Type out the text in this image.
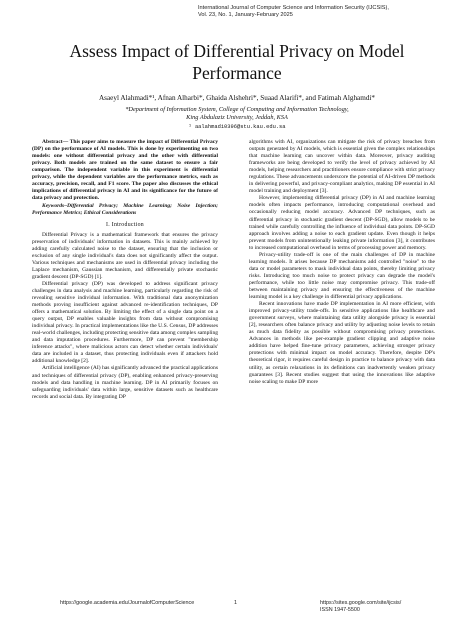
International Journal of Computer Science and Information Security (IJCSIS),
Vol. 23, No. 1, January-February 2025
Assess Impact of Differential Privacy on Model
Performance
Asaeyl Alahmadi*¹, Afnan Alharbi*, Ghaida Alshehri*, Suaad Alarifi*, and Fatimah Alghamdi*
*Department of Information System, College of Computing and Information Technology,
King Abdulaziz University, Jeddah, KSA
¹ aalahmadi0396@stu.kau.edu.sa

Abstract— This paper aims to measure the impact of Differential Privacy (DP) on the performance of AI models. This is done by experimenting on two models: one without differential privacy and the other with differential privacy. Both models are trained on the same dataset to ensure a fair comparison. The independent variable in this experiment is differential privacy, while the dependent variables are the performance metrics, such as accuracy, precision, recall, and F1 score. The paper also discusses the ethical implications of differential privacy in AI and its significance for the future of data privacy and protection.

Keywords–Differential Privacy; Machine Learning; Noise Injection; Performance Metrics; Ethical Considerations

I. Introduction

Differential Privacy is a mathematical framework that ensures the privacy preservation of individuals' information in datasets. This is mainly achieved by adding carefully calculated noise to the dataset, ensuring that the inclusion or exclusion of any single individual's data does not significantly affect the output. Various techniques and mechanisms are used in differential privacy including the Laplace mechanism, Gaussian mechanism, and differentially private stochastic gradient descent (DP-SGD) [1].

Differential privacy (DP) was developed to address significant privacy challenges in data analysis and machine learning, particularly regarding the risk of revealing sensitive individual information. With traditional data anonymization methods proving insufficient against advanced re-identification techniques, DP offers a mathematical solution. By limiting the effect of a single data point on a query output, DP enables valuable insights from data without compromising individual privacy. In practical implementations like the U.S. Census, DP addresses real-world challenges, including protecting sensitive data among complex sampling and data imputation procedures. Furthermore, DP can prevent "membership inference attacks", where malicious actors can detect whether certain individuals' data are included in a dataset, thus protecting individuals even if attackers hold additional knowledge [2].

Artificial intelligence (AI) has significantly advanced the practical applications and techniques of differential privacy (DP), enabling enhanced privacy-preserving models and data handling in machine learning. DP in AI primarily focuses on safeguarding individuals' data within large, sensitive datasets such as healthcare records and social data. By integrating DP

algorithms with AI, organizations can mitigate the risk of privacy breaches from outputs generated by AI models, which is essential given the complex relationships that machine learning can uncover within data. Moreover, privacy auditing frameworks are being developed to verify the level of privacy achieved by AI models, helping researchers and practitioners ensure compliance with strict privacy regulations. These advancements underscore the potential of AI-driven DP methods in delivering powerful, and privacy-compliant analytics, making DP essential in AI model training and deployment [3].

However, implementing differential privacy (DP) in AI and machine learning models often impacts performance, introducing computational overhead and occasionally reducing model accuracy. Advanced DP techniques, such as differential privacy in stochastic gradient descent (DP-SGD), allow models to be trained while carefully controlling the influence of individual data points. DP-SGD approach involves adding a noise to each gradient update. Even though it helps prevent models from unintentionally leaking private information [3], it contributes to increased computational overhead in terms of processing power and memory.

Privacy-utility trade-off is one of the main challenges of DP in machine learning models. It arises because DP mechanisms add controlled "noise" to the data or model parameters to mask individual data points, thereby limiting privacy risks. Introducing too much noise to protect privacy can degrade the model's performance, while too little noise may compromise privacy. This trade-off between maintaining privacy and ensuring the effectiveness of the machine learning model is a key challenge in differential privacy applications.

Recent innovations have made DP implementation in AI more efficient, with improved privacy-utility trade-offs. In sensitive applications like healthcare and government surveys, where maintaining data utility alongside privacy is essential [2], researchers often balance privacy and utility by adjusting noise levels to retain as much data fidelity as possible without compromising privacy protections. Advances in methods like per-example gradient clipping and adaptive noise addition have helped fine-tune privacy parameters, achieving stronger privacy protections with minimal impact on model accuracy. Therefore, despite DP's theoretical rigor, it requires careful design in practice to balance privacy with data utility, as certain relaxations in its definitions can inadvertently weaken privacy guarantees [3]. Recent studies suggest that using the innovations like adaptive noise scaling to make DP more

https://google.academia.edu/JournalofComputerScience	1	https://sites.google.com/site/ijcsis/
ISSN 1947-5500
